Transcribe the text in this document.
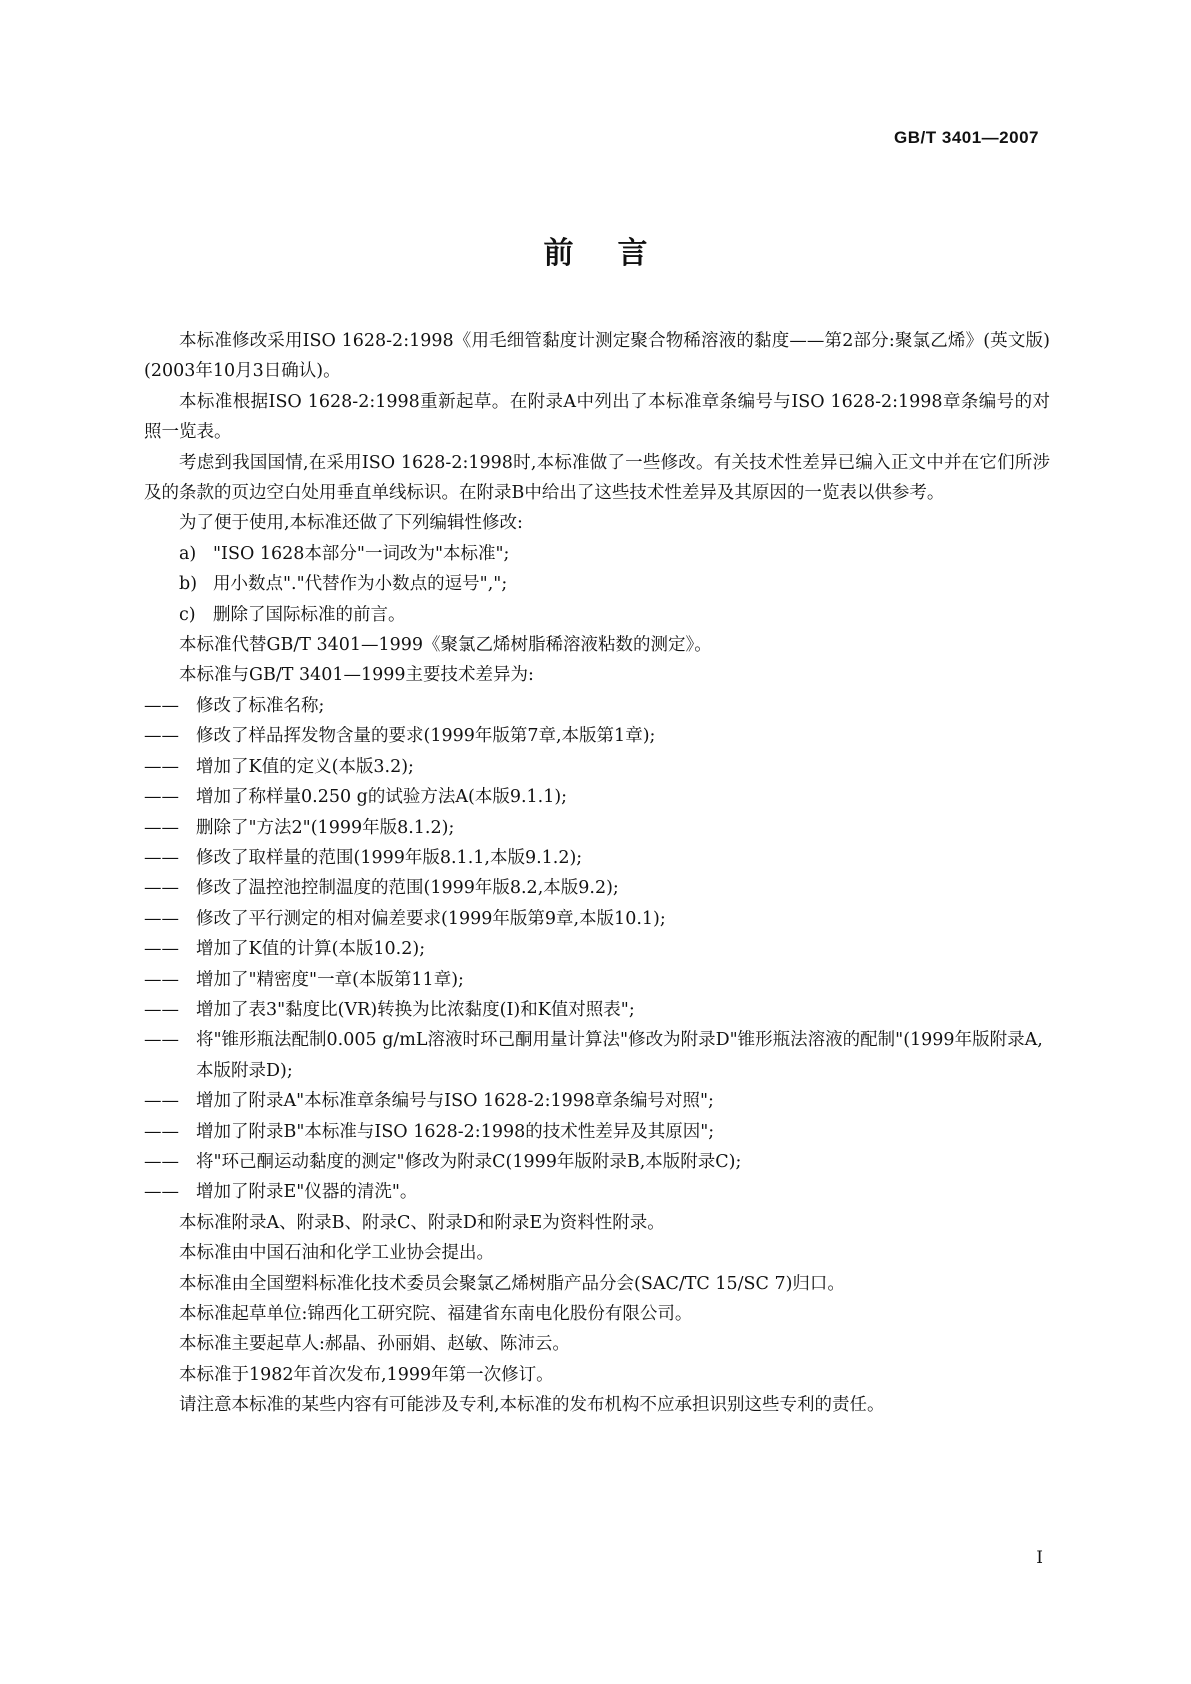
GB/T 3401—2007
前言

本标准修改采用ISO 1628-2:1998《用毛细管黏度计测定聚合物稀溶液的黏度——第2部分:聚氯乙烯》(英文版)(2003年10月3日确认)。

本标准根据ISO 1628-2:1998重新起草。在附录A中列出了本标准章条编号与ISO 1628-2:1998章条编号的对照一览表。

考虑到我国国情,在采用ISO 1628-2:1998时,本标准做了一些修改。有关技术性差异已编入正文中并在它们所涉及的条款的页边空白处用垂直单线标识。在附录B中给出了这些技术性差异及其原因的一览表以供参考。

为了便于使用,本标准还做了下列编辑性修改:

a) "ISO 1628本部分"一词改为"本标准";

b) 用小数点"."代替作为小数点的逗号",";

c) 删除了国际标准的前言。

本标准代替GB/T 3401—1999《聚氯乙烯树脂稀溶液粘数的测定》。

本标准与GB/T 3401—1999主要技术差异为:

—— 修改了标准名称;

—— 修改了样品挥发物含量的要求(1999年版第7章,本版第1章);

—— 增加了K值的定义(本版3.2);

—— 增加了称样量0.250 g的试验方法A(本版9.1.1);

—— 删除了"方法2"(1999年版8.1.2);

—— 修改了取样量的范围(1999年版8.1.1,本版9.1.2);

—— 修改了温控池控制温度的范围(1999年版8.2,本版9.2);

—— 修改了平行测定的相对偏差要求(1999年版第9章,本版10.1);

—— 增加了K值的计算(本版10.2);

—— 增加了"精密度"一章(本版第11章);

—— 增加了表3"黏度比(VR)转换为比浓黏度(I)和K值对照表";

—— 将"锥形瓶法配制0.005 g/mL溶液时环己酮用量计算法"修改为附录D"锥形瓶法溶液的配制"(1999年版附录A,本版附录D);

—— 增加了附录A"本标准章条编号与ISO 1628-2:1998章条编号对照";

—— 增加了附录B"本标准与ISO 1628-2:1998的技术性差异及其原因";

—— 将"环己酮运动黏度的测定"修改为附录C(1999年版附录B,本版附录C);

—— 增加了附录E"仪器的清洗"。

本标准附录A、附录B、附录C、附录D和附录E为资料性附录。

本标准由中国石油和化学工业协会提出。

本标准由全国塑料标准化技术委员会聚氯乙烯树脂产品分会(SAC/TC 15/SC 7)归口。

本标准起草单位:锦西化工研究院、福建省东南电化股份有限公司。

本标准主要起草人:郝晶、孙丽娟、赵敏、陈沛云。

本标准于1982年首次发布,1999年第一次修订。

请注意本标准的某些内容有可能涉及专利,本标准的发布机构不应承担识别这些专利的责任。

I
